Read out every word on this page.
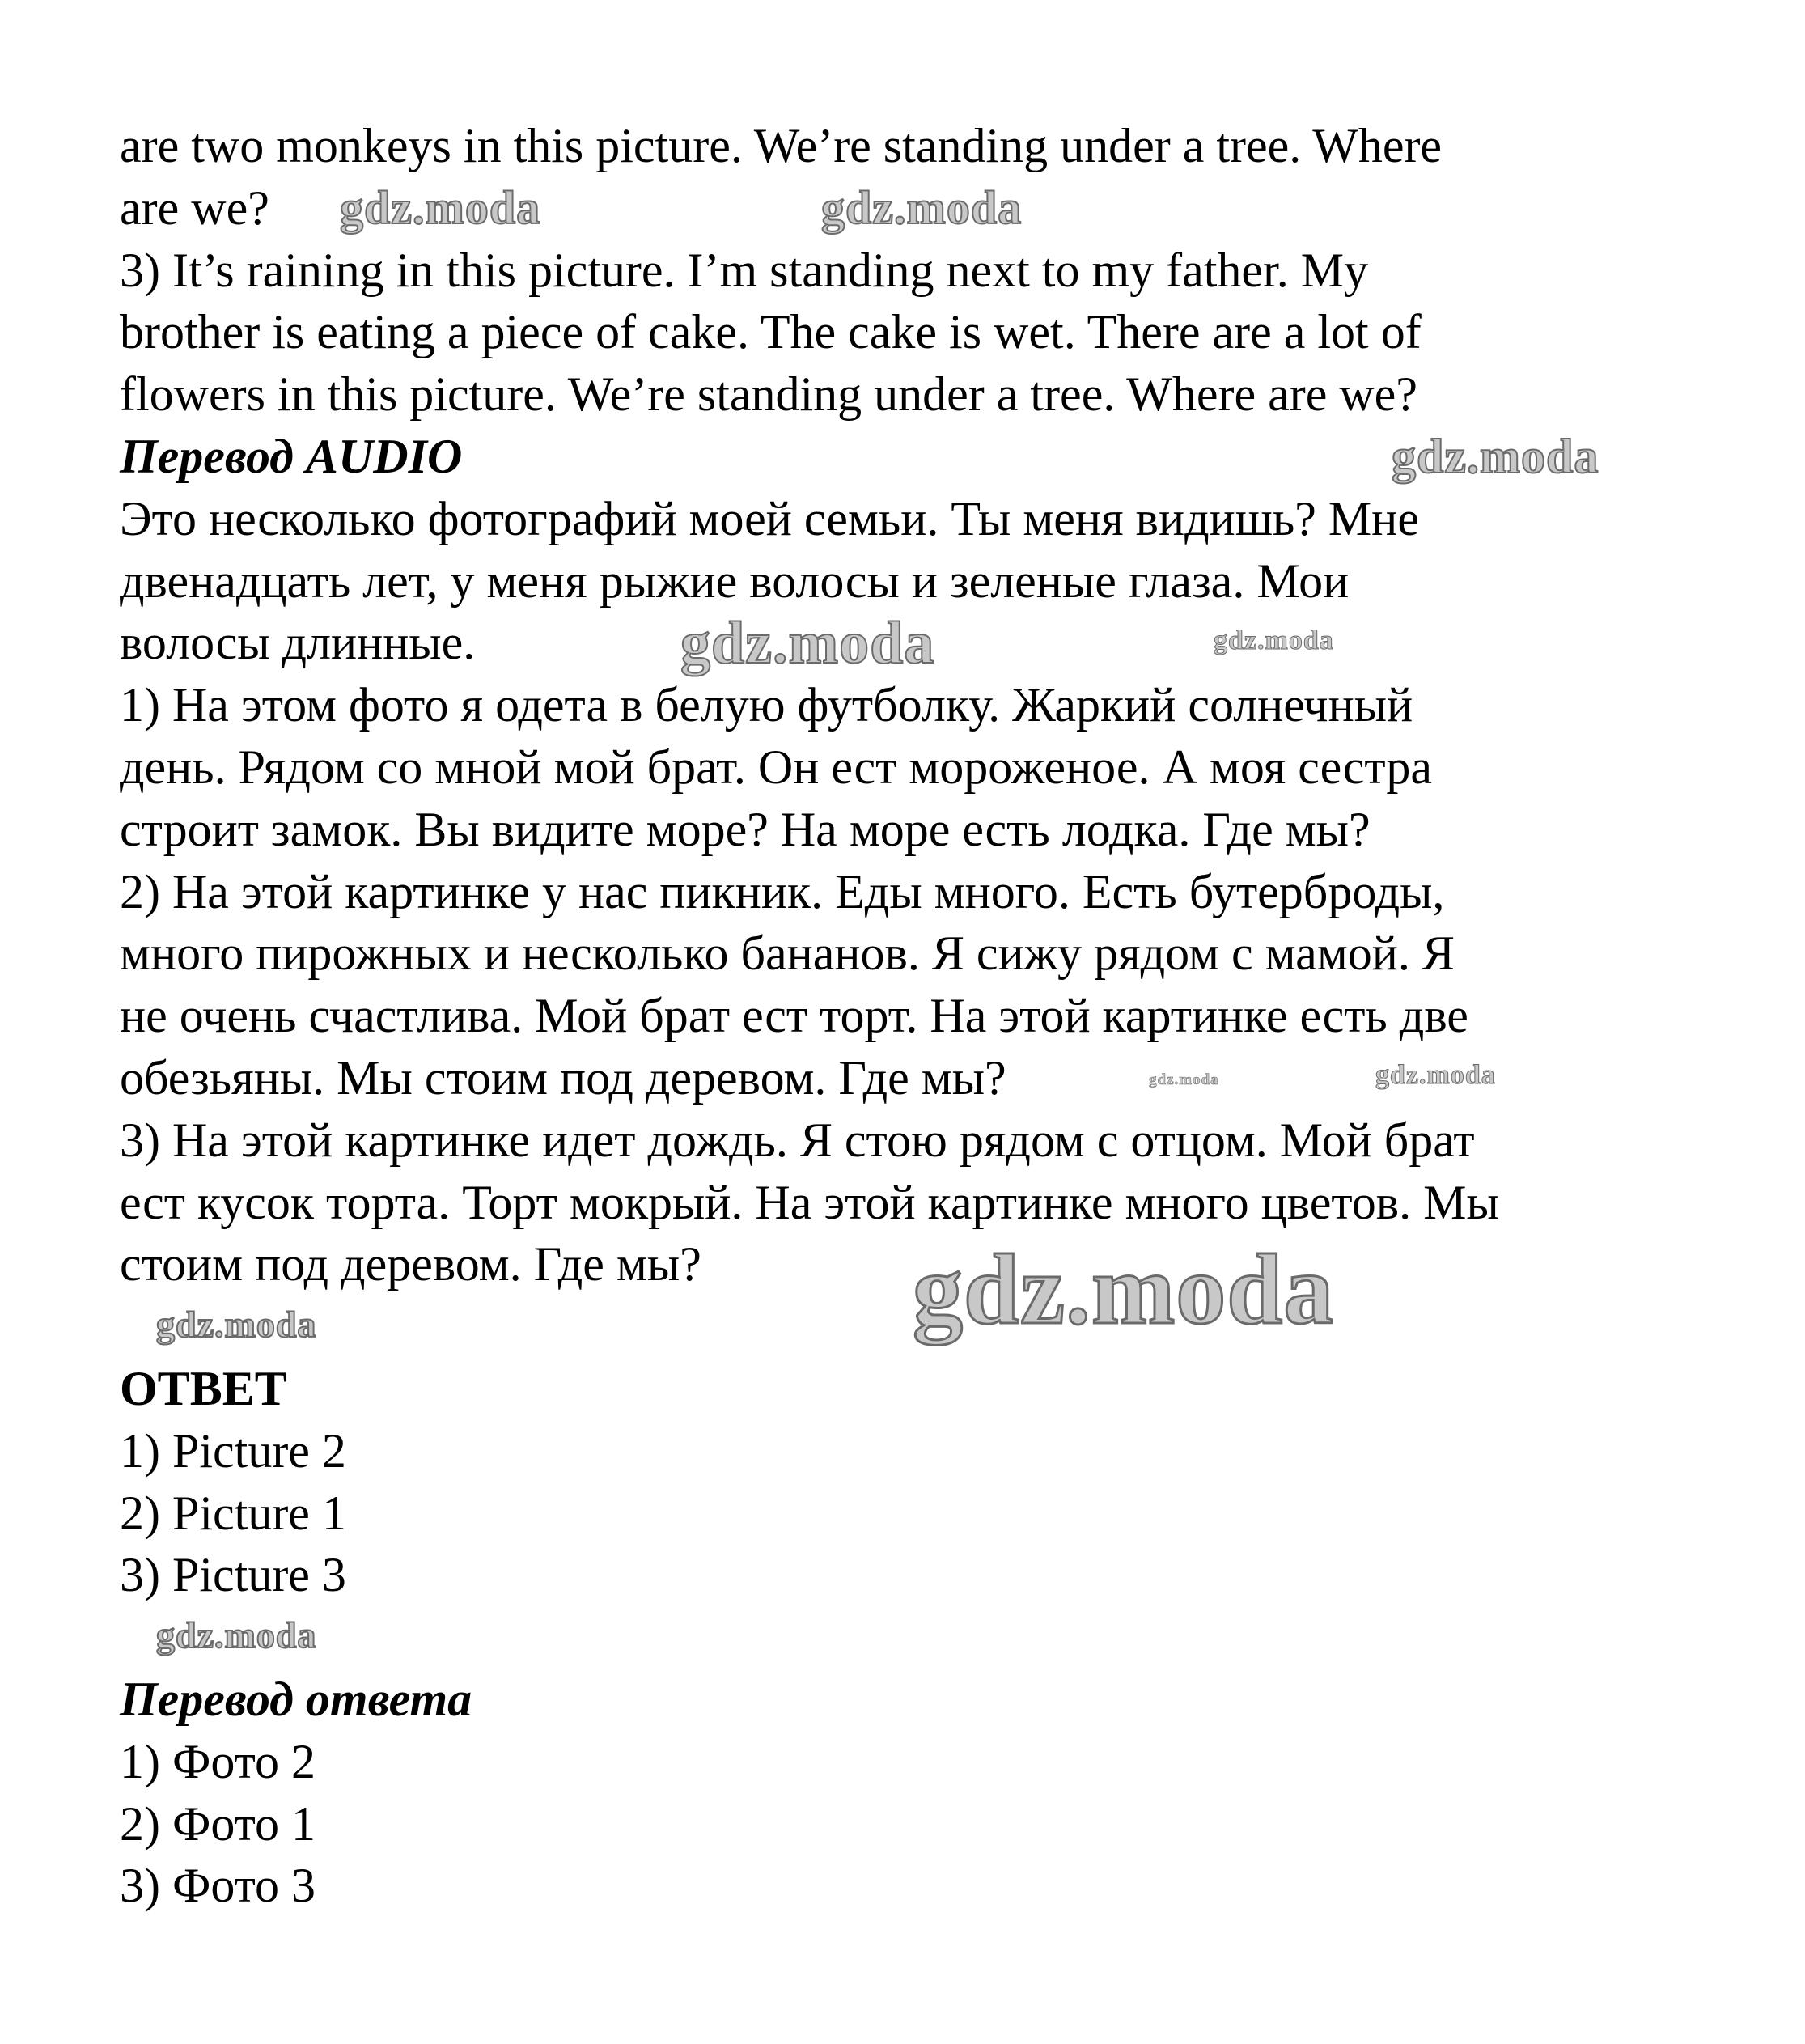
are two monkeys in this picture. We’re standing under a tree. Where
are we?
3) It’s raining in this picture. I’m standing next to my father. My
brother is eating a piece of cake. The cake is wet. There are a lot of
flowers in this picture. We’re standing under a tree. Where are we?
Перевод AUDIO
Это несколько фотографий моей семьи. Ты меня видишь? Мне
двенадцать лет, у меня рыжие волосы и зеленые глаза. Мои
волосы длинные.
1) На этом фото я одета в белую футболку. Жаркий солнечный
день. Рядом со мной мой брат. Он ест мороженое. А моя сестра
строит замок. Вы видите море? На море есть лодка. Где мы?
2) На этой картинке у нас пикник. Еды много. Есть бутерброды,
много пирожных и несколько бананов. Я сижу рядом с мамой. Я
не очень счастлива. Мой брат ест торт. На этой картинке есть две
обезьяны. Мы стоим под деревом. Где мы?
3) На этой картинке идет дождь. Я стою рядом с отцом. Мой брат
ест кусок торта. Торт мокрый. На этой картинке много цветов. Мы
стоим под деревом. Где мы?
ОТВЕТ
1) Picture 2
2) Picture 1
3) Picture 3
Перевод ответа
1) Фото 2
2) Фото 1
3) Фото 3
gdz.moda	gdz.moda
gdz.moda
gdz.moda
gdz.moda
gdz.moda	gdz.moda
gdz.moda
gdz.moda
gdz.moda
